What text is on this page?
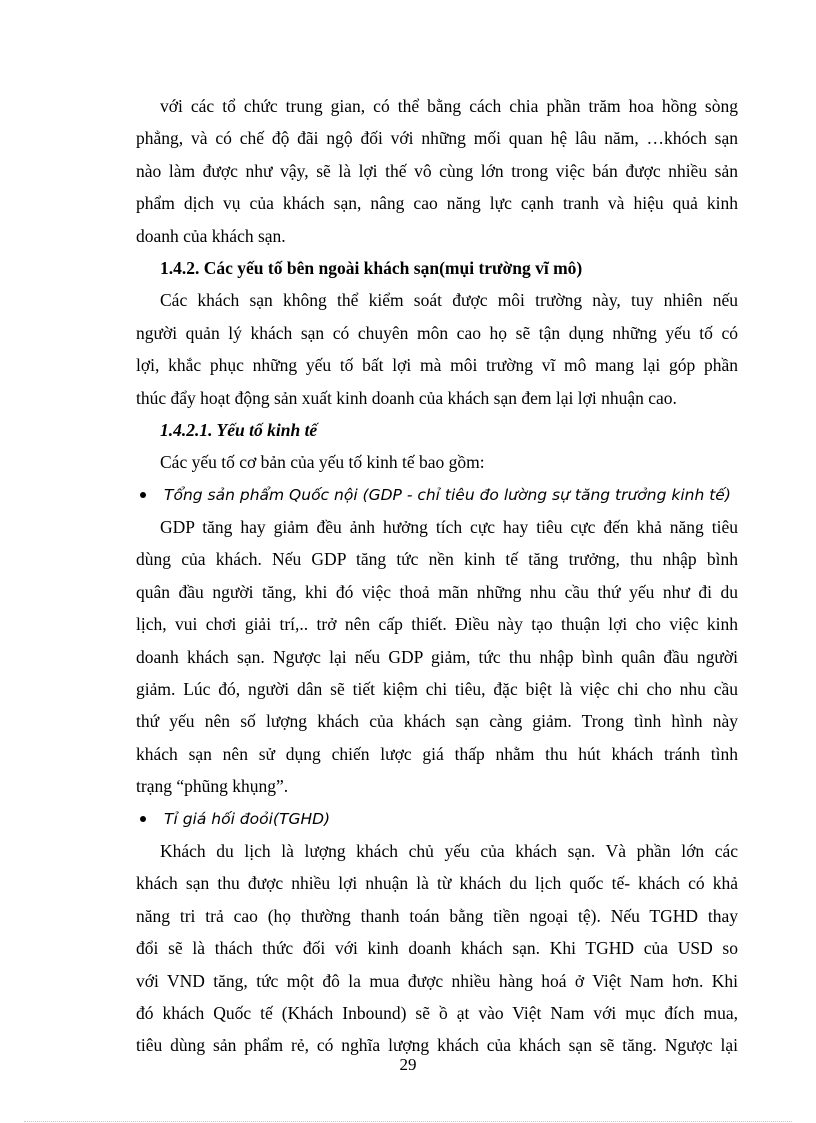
với các tổ chức trung gian, có thể bằng cách chia phần trăm hoa hồng sòng
phẳng, và có chế độ đãi ngộ đối với những mối quan hệ lâu năm, …khóch sạn
nào làm được như vậy, sẽ là lợi thế vô cùng lớn trong việc bán được nhiều sản
phẩm dịch vụ của khách sạn, nâng cao năng lực cạnh tranh và hiệu quả kinh
doanh của khách sạn.
1.4.2. Các yếu tố bên ngoài khách sạn(mụi trường vĩ mô)
Các khách sạn không thể kiểm soát được môi trường này, tuy nhiên nếu
người quản lý khách sạn có chuyên môn cao họ sẽ tận dụng những yếu tố có
lợi, khắc phục những yếu tố bất lợi mà môi trường vĩ mô mang lại góp phần
thúc đẩy hoạt động sản xuất kinh doanh của khách sạn đem lại lợi nhuận cao.
1.4.2.1. Yếu tố kinh tế
Các yếu tố cơ bản của yếu tố kinh tế bao gồm:
Tổng sản phẩm Quốc nội (GDP - chỉ tiêu đo lường sự tăng trưởng kinh tế)
GDP tăng hay giảm đều ảnh hưởng tích cực hay tiêu cực đến khả năng tiêu
dùng của khách. Nếu GDP tăng tức nền kinh tế tăng trưởng, thu nhập bình
quân đầu người tăng, khi đó việc thoả mãn những nhu cầu thứ yếu như đi du
lịch, vui chơi giải trí,.. trở nên cấp thiết. Điều này tạo thuận lợi cho việc kinh
doanh khách sạn. Ngược lại nếu GDP giảm, tức thu nhập bình quân đầu người
giảm. Lúc đó, người dân sẽ tiết kiệm chi tiêu, đặc biệt là việc chi cho nhu cầu
thứ yếu nên số lượng khách của khách sạn càng giảm. Trong tình hình này
khách sạn nên sử dụng chiến lược giá thấp nhằm thu hút khách tránh tình
trạng “phũng khụng”.
Tỉ giá hối đoỏi(TGHD)
Khách du lịch là lượng khách chủ yếu của khách sạn. Và phần lớn các
khách sạn thu được nhiều lợi nhuận là từ khách du lịch quốc tế- khách có khả
năng tri trả cao (họ thường thanh toán bằng tiền ngoại tệ). Nếu TGHD thay
đổi sẽ là thách thức đối với kinh doanh khách sạn. Khi TGHD của USD so
với VND tăng, tức một đô la mua được nhiều hàng hoá ở Việt Nam hơn. Khi
đó khách Quốc tế (Khách Inbound) sẽ ồ ạt vào Việt Nam với mục đích mua,
tiêu dùng sản phẩm rẻ, có nghĩa lượng khách của khách sạn sẽ tăng. Ngược lại
29
